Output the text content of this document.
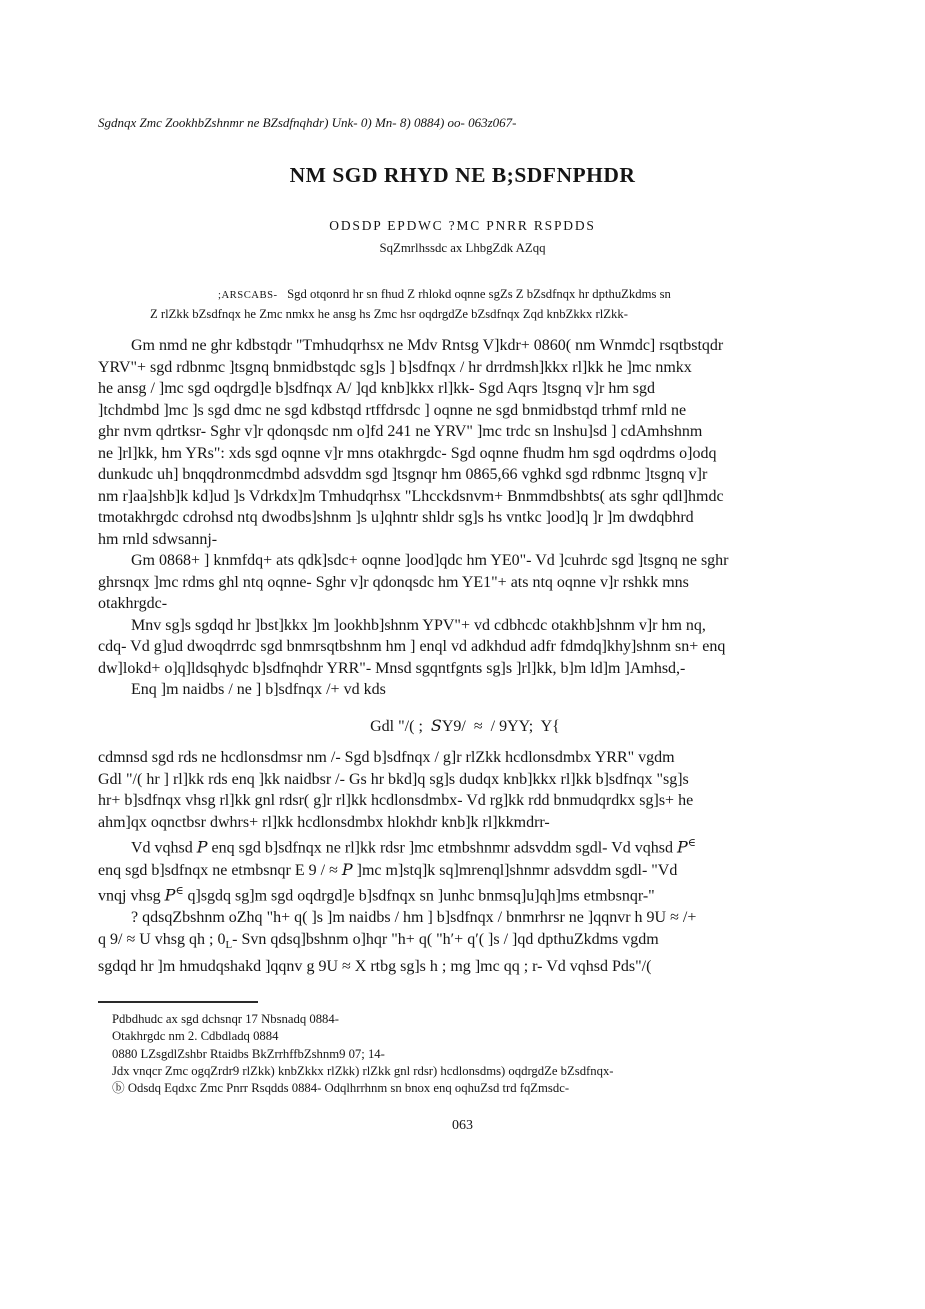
Sgdnqx Zmc ZookhbZshnmr ne BZsdfnqhdr) Unk- 0) Mn- 8) 0884) oo- 063z067-
NM SGD RHYD NE B;SDFNPHDR
ODSDP EPDWC ?MC PNRR RSPDDS
SqZmrlhssdc ax LhbgZdk AZqq
;ARSCABS-   Sgd otqonrd hr sn fhud Z rhlokd oqnne sgZs Z bZsdfnqx hr dpthuZkdms sn
Z rlZkk bZsdfnqx he Zmc nmkx he ansg hs Zmc hsr oqdrgdZe bZsdfnqx Zqd knbZkkx rlZkk-
Gm nmd ne ghr kdbstqdr "Tmhudqrhsx ne Mdv Rntsg V]kdr+ 0860( nm Wnmdc] rsqtbstqdr
YRV"+ sgd rdbnmc ]tsgnq bnmidbstqdc sg]s ] b]sdfnqx / hr drrdmsh]kkx rl]kk he ]mc nmkx
he ansg / ]mc sgd oqdrgd]e b]sdfnqx A/ ]qd knb]kkx rl]kk- Sgd Aqrs ]tsgnq v]r hm sgd
]tchdmbd ]mc ]s sgd dmc ne sgd kdbstqd rtffdrsdc ] oqnne ne sgd bnmidbstqd trhmf rnld ne
ghr nvm qdrtksr- Sghr v]r qdonqsdc nm o]fd 241 ne YRV" ]mc trdc sn lnshu]sd ] cdAmhshnm
ne ]rl]kk, hm YRs": xds sgd oqnne v]r mns otakhrgdc- Sgd oqnne fhudm hm sgd oqdrdms o]odq
dunkudc uh] bnqqdronmcdmbd adsvddm sgd ]tsgnqr hm 0865,66 vghkd sgd rdbnmc ]tsgnq v]r
nm r]aa]shb]k kd]ud ]s Vdrkdx]m Tmhudqrhsx "Lhcckdsnvm+ Bnmmdbshbts( ats sghr qdl]hmdc
tmotakhrgdc cdrohsd ntq dwodbs]shnm ]s u]qhntr shldr sg]s hs vntkc ]ood]q ]r ]m dwdqbhrd
hm rnld sdwsannj-
Gm 0868+ ] knmfdq+ ats qdk]sdc+ oqnne ]ood]qdc hm YE0"- Vd ]cuhrdc sgd ]tsgnq ne sghr
ghrsnqx ]mc rdms ghl ntq oqnne- Sghr v]r qdonqsdc hm YE1"+ ats ntq oqnne v]r rshkk mns
otakhrgdc-
Mnv sg]s sgdqd hr ]bst]kkx ]m ]ookhb]shnm YPV"+ vd cdbhcdc otakhb]shnm v]r hm nq,
cdq- Vd g]ud dwoqdrrdc sgd bnmrsqtbshnm hm ] enql vd adkhdud adfr fdmdq]khy]shnm sn+ enq
dw]lokd+ o]q]ldsqhydc b]sdfnqhdr YRR"- Mnsd sgqntfgnts sg]s ]rl]kk, b]m ld]m ]Amhsd,-
Enq ]m naidbs / ne ] b]sdfnqx /+ vd kds
Gdl "/( ;  SY9/  ≈  / 9YY;  Y{
cdmnsd sgd rds ne hcdlonsdmsr nm /- Sgd b]sdfnqx / g]r rlZkk hcdlonsdmbx YRR" vgdm
Gdl "/( hr ] rl]kk rds enq ]kk naidbsr /- Gs hr bkd]q sg]s dudqx knb]kkx rl]kk b]sdfnqx "sg]s
hr+ b]sdfnqx vhsg rl]kk gnl rdsr( g]r rl]kk hcdlonsdmbx- Vd rg]kk rdd bnmudqrdkx sg]s+ he
ahm]qx oqnctbsr dwhrs+ rl]kk hcdlonsdmbx hlokhdr knb]k rl]kkmdrr-
Vd vqhsd P enq sgd b]sdfnqx ne rl]kk rdsr ]mc etmbshnmr adsvddm sgdl- Vd vqhsd P∈
enq sgd b]sdfnqx ne etmbsnqr E 9 / ≈ P ]mc m]stq]k sq]mrenql]shnmr adsvddm sgdl- "Vd
vnqj vhsg P∈ q]sgdq sg]m sgd oqdrgd]e b]sdfnqx sn ]unhc bnmsq]u]qh]ms etmbsnqr-"
? qdsqZbshnm oZhq "h+ q( ]s ]m naidbs / hm ] b]sdfnqx / bnmrhrsr ne ]qqnvr h 9U ≈ /+
q 9/ ≈ U vhsg qh ; $0_L-$ Svn qdsq]bshnm o]hqr "h+ q( "h′+ q′( ]s / ]qd dpthuZkdms vgdm
sgdqd hr ]m hmudqshakd ]qqnv g 9U ≈ X rtbg sg]s h ; mg ]mc qq ; r- Vd vqhsd Pds"/(
Pdbdhudc ax sgd dchsnqr 17 Nbsnadq 0884-
Otakhrgdc nm 2. Cdbdladq 0884
0880 LZsgdlZshbr Rtaidbs BkZrrhffbZshnm9 07; 14-
Jdx vnqcr Zmc ogqZrdr9 rlZkk) knbZkkx rlZkk) rlZkk gnl rdsr) hcdlonsdms) oqdrgdZe bZsdfnqx-
ⓑ Odsdq Eqdxc Zmc Pnrr Rsqdds 0884- Odqlhrrhnm sn bnox enq oqhuZsd trd fqZmsdc-
063
